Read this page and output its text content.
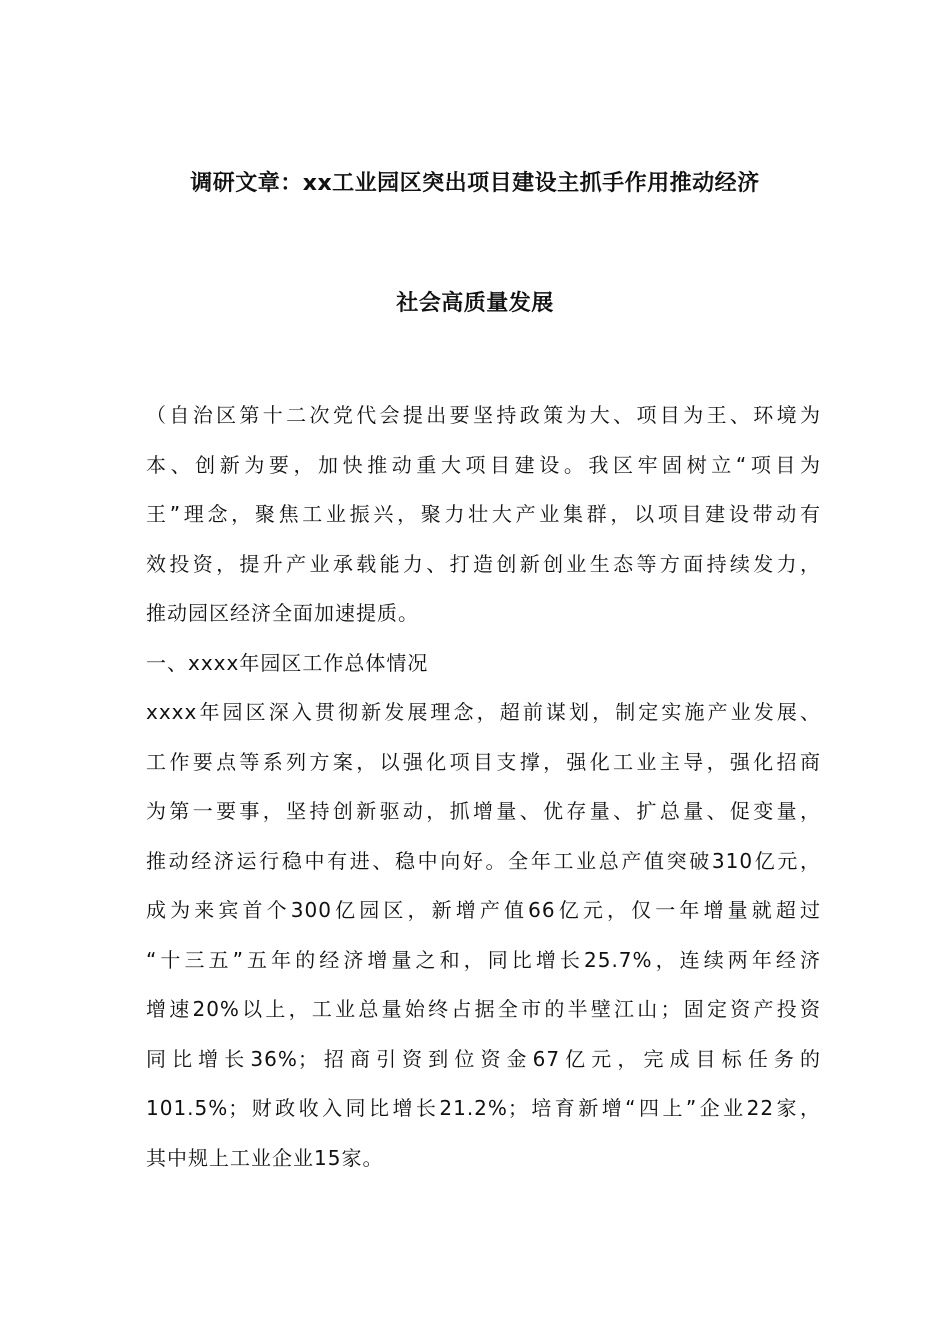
调研文章：xx工业园区突出项目建设主抓手作用推动经济
社会高质量发展
（自治区第十二次党代会提出要坚持政策为大、项目为王、环境为
本、创新为要，加快推动重大项目建设。我区牢固树立“项目为
王”理念，聚焦工业振兴，聚力壮大产业集群，以项目建设带动有
效投资，提升产业承载能力、打造创新创业生态等方面持续发力，
推动园区经济全面加速提质。
一、xxxx年园区工作总体情况
xxxx年园区深入贯彻新发展理念，超前谋划，制定实施产业发展、
工作要点等系列方案，以强化项目支撑，强化工业主导，强化招商
为第一要事，坚持创新驱动，抓增量、优存量、扩总量、促变量，
推动经济运行稳中有进、稳中向好。全年工业总产值突破310亿元，
成为来宾首个300亿园区，新增产值66亿元，仅一年增量就超过
“十三五”五年的经济增量之和，同比增长25.7%，连续两年经济
增速20%以上，工业总量始终占据全市的半壁江山；固定资产投资
同比增长36%；招商引资到位资金67亿元，完成目标任务的
101.5%；财政收入同比增长21.2%；培育新增“四上”企业22家，
其中规上工业企业15家。
